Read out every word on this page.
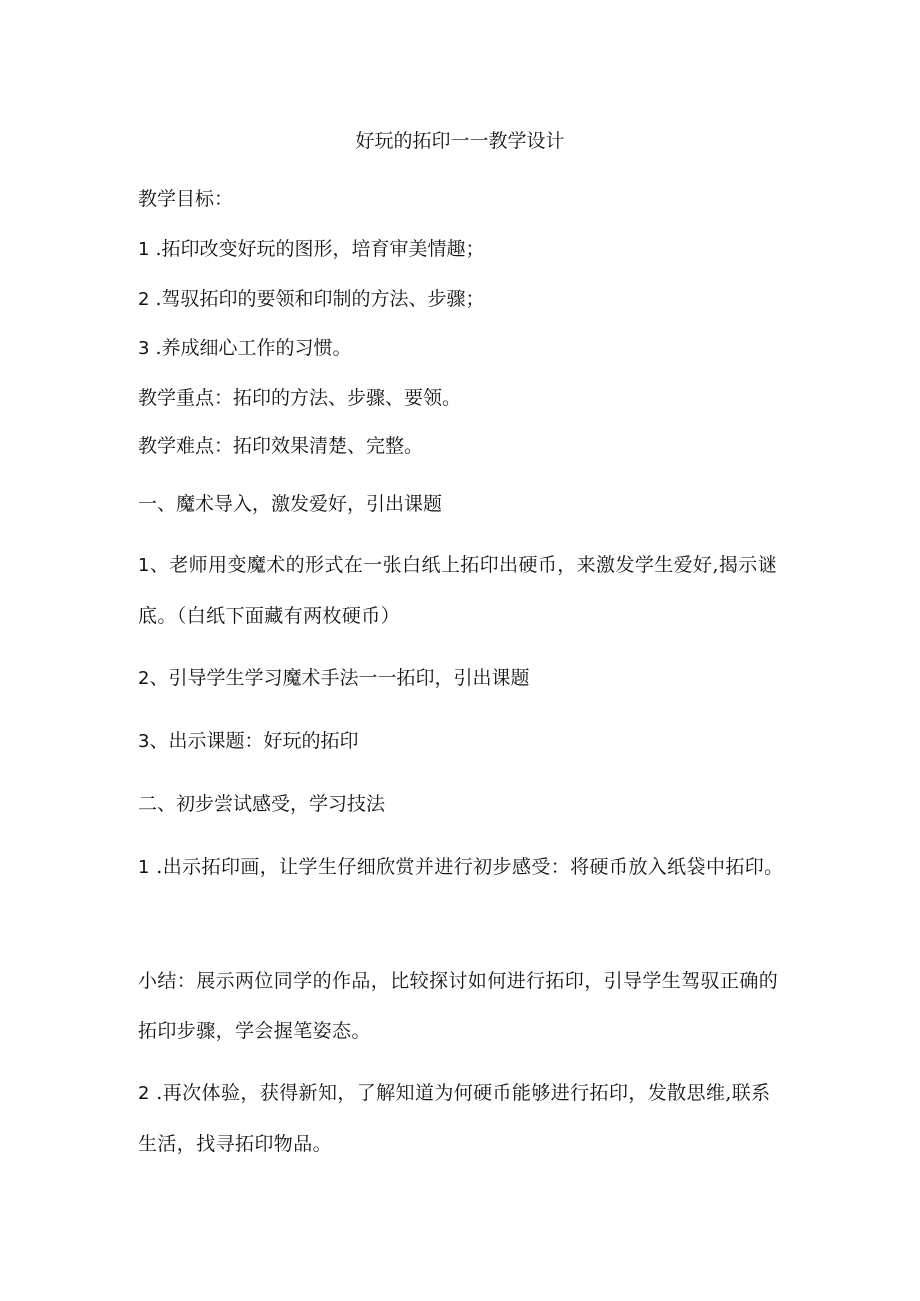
好玩的拓印一一教学设计
教学目标：
1 .拓印改变好玩的图形，培育审美情趣；
2 .驾驭拓印的要领和印制的方法、步骤；
3 .养成细心工作的习惯。
教学重点：拓印的方法、步骤、要领。
教学难点：拓印效果清楚、完整。
一、魔术导入，激发爱好，引出课题
1、老师用变魔术的形式在一张白纸上拓印出硬币，来激发学生爱好,揭示谜底。（白纸下面藏有两枚硬币）
2、引导学生学习魔术手法一一拓印，引出课题
3、出示课题：好玩的拓印
二、初步尝试感受，学习技法
1 .出示拓印画，让学生仔细欣赏并进行初步感受：将硬币放入纸袋中拓印。
小结：展示两位同学的作品，比较探讨如何进行拓印，引导学生驾驭正确的拓印步骤，学会握笔姿态。
2 .再次体验，获得新知，了解知道为何硬币能够进行拓印，发散思维,联系生活，找寻拓印物品。
